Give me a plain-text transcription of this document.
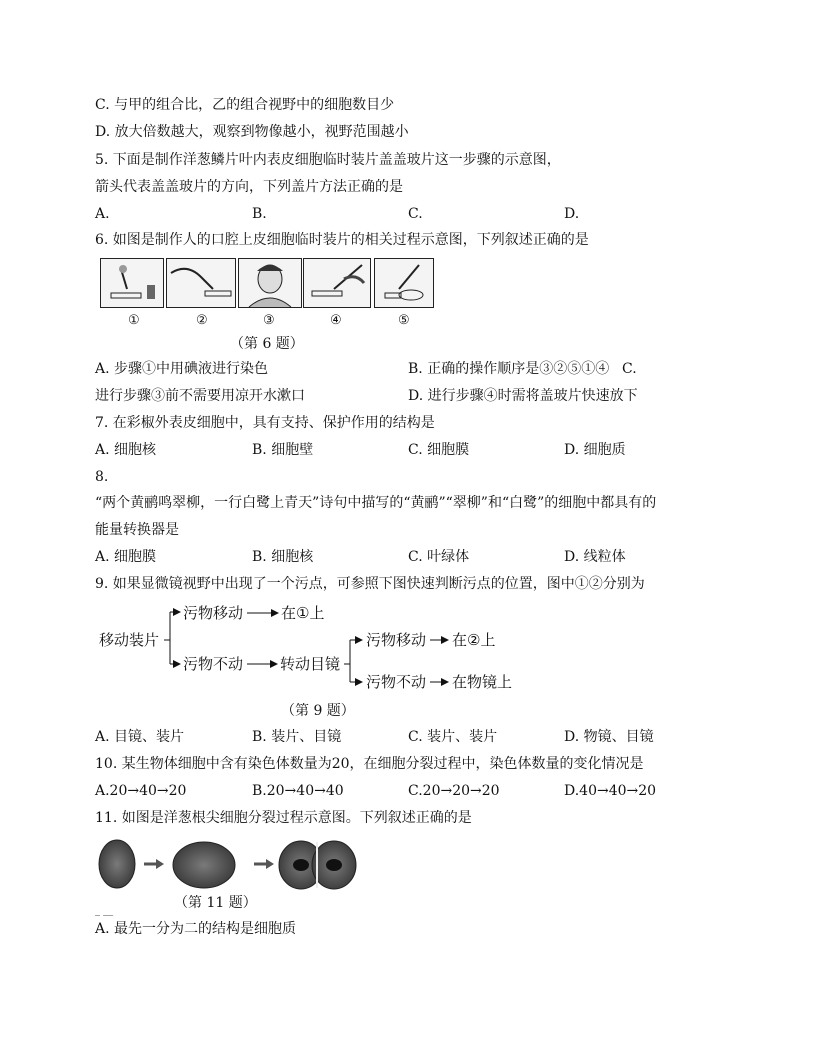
C. 与甲的组合比，乙的组合视野中的细胞数目少
D. 放大倍数越大，观察到物像越小，视野范围越小
5. 下面是制作洋葱鳞片叶内表皮细胞临时装片盖盖玻片这一步骤的示意图，
箭头代表盖盖玻片的方向，下列盖片方法正确的是
A.	B.	C.	D.
6. 如图是制作人的口腔上皮细胞临时装片的相关过程示意图，下列叙述正确的是
①	②	③	④	⑤
（第 6 题）
A. 步骤①中用碘液进行染色	B. 正确的操作顺序是③②⑤①④ C.
进行步骤③前不需要用凉开水漱口	D. 进行步骤④时需将盖玻片快速放下
7. 在彩椒外表皮细胞中，具有支持、保护作用的结构是
A. 细胞核	B. 细胞壁	C. 细胞膜	D. 细胞质
8.
“两个黄鹂鸣翠柳，一行白鹭上青天”诗句中描写的“黄鹂”“翠柳”和“白鹭”的细胞中都具有的
能量转换器是
A. 细胞膜	B. 细胞核	C. 叶绿体	D. 线粒体
9. 如果显微镜视野中出现了一个污点，可参照下图快速判断污点的位置，图中①②分别为
移动装片
污物移动	在①上
污物不动 转动目镜
污物移动 在②上
污物不动 在物镜上
（第 9 题）
A. 目镜、装片	B. 装片、目镜	C. 装片、装片	D. 物镜、目镜
10. 某生物体细胞中含有染色体数量为20，在细胞分裂过程中，染色体数量的变化情况是
A.20→40→20	B.20→40→40	C.20→20→20	D.40→40→20
11. 如图是洋葱根尖细胞分裂过程示意图。下列叙述正确的是
（第 11 题）
_ __
A. 最先一分为二的结构是细胞质
